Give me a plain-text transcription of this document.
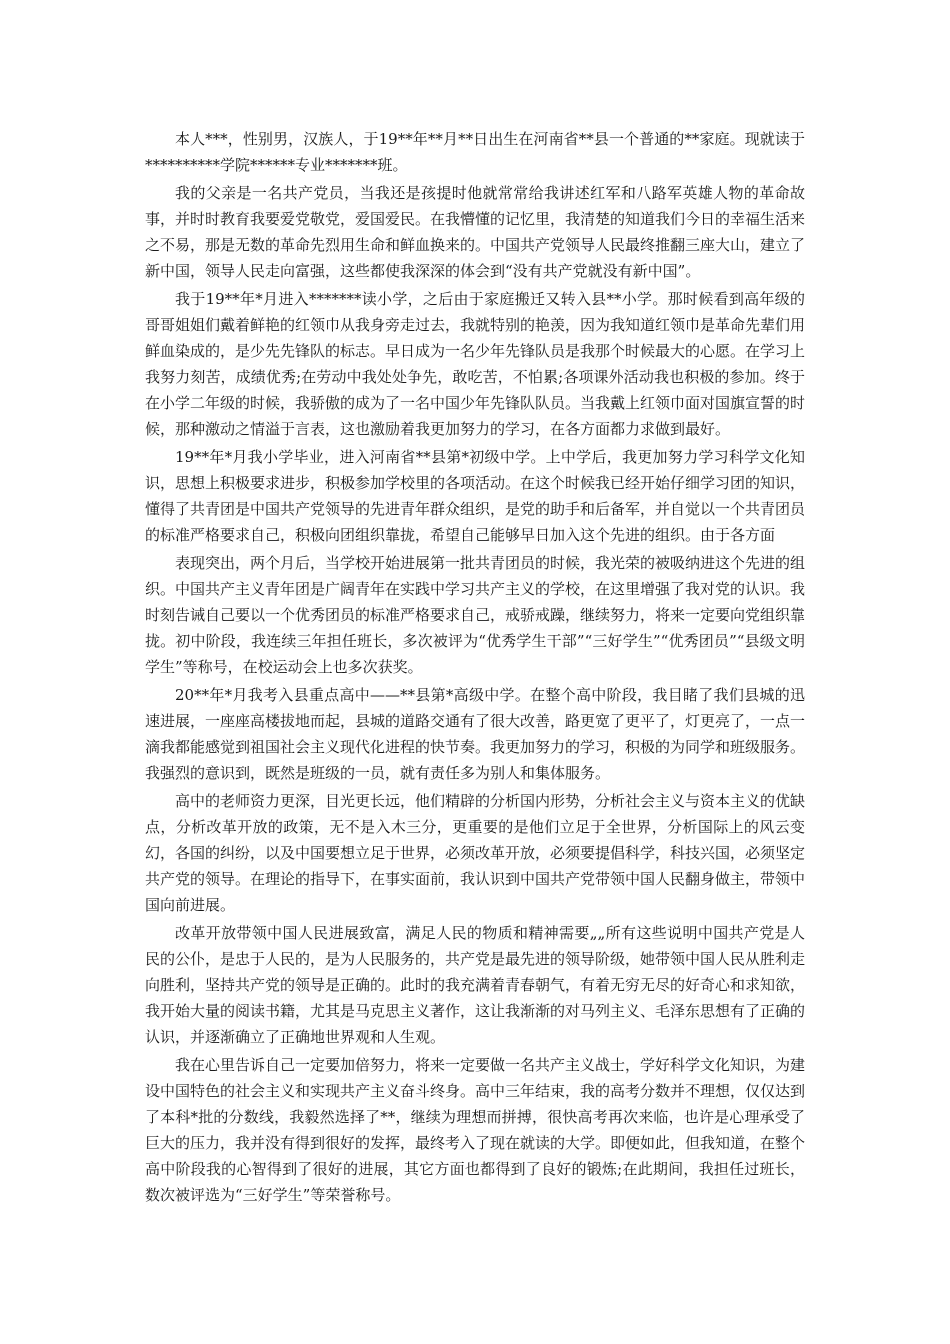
本人***，性别男，汉族人，于19**年**月**日出生在河南省**县一个普通的**家庭。现就读于**********学院******专业*******班。

我的父亲是一名共产党员，当我还是孩提时他就常常给我讲述红军和八路军英雄人物的革命故事，并时时教育我要爱党敬党，爱国爱民。在我懵懂的记忆里，我清楚的知道我们今日的幸福生活来之不易，那是无数的革命先烈用生命和鲜血换来的。中国共产党领导人民最终推翻三座大山，建立了新中国，领导人民走向富强，这些都使我深深的体会到“没有共产党就没有新中国”。

我于19**年*月进入*******读小学，之后由于家庭搬迁又转入县**小学。那时候看到高年级的哥哥姐姐们戴着鲜艳的红领巾从我身旁走过去，我就特别的艳羡，因为我知道红领巾是革命先辈们用鲜血染成的，是少先先锋队的标志。早日成为一名少年先锋队员是我那个时候最大的心愿。在学习上我努力刻苦，成绩优秀;在劳动中我处处争先，敢吃苦，不怕累;各项课外活动我也积极的参加。终于在小学二年级的时候，我骄傲的成为了一名中国少年先锋队队员。当我戴上红领巾面对国旗宣誓的时候，那种激动之情溢于言表，这也激励着我更加努力的学习，在各方面都力求做到最好。

19**年*月我小学毕业，进入河南省**县第*初级中学。上中学后，我更加努力学习科学文化知识，思想上积极要求进步，积极参加学校里的各项活动。在这个时候我已经开始仔细学习团的知识，懂得了共青团是中国共产党领导的先进青年群众组织，是党的助手和后备军，并自觉以一个共青团员的标准严格要求自己，积极向团组织靠拢，希望自己能够早日加入这个先进的组织。由于各方面

表现突出，两个月后，当学校开始进展第一批共青团员的时候，我光荣的被吸纳进这个先进的组织。中国共产主义青年团是广阔青年在实践中学习共产主义的学校，在这里增强了我对党的认识。我时刻告诫自己要以一个优秀团员的标准严格要求自己，戒骄戒躁，继续努力，将来一定要向党组织靠拢。初中阶段，我连续三年担任班长，多次被评为“优秀学生干部”“三好学生”“优秀团员”“县级文明学生”等称号，在校运动会上也多次获奖。

20**年*月我考入县重点高中——**县第*高级中学。在整个高中阶段，我目睹了我们县城的迅速进展，一座座高楼拔地而起，县城的道路交通有了很大改善，路更宽了更平了，灯更亮了，一点一滴我都能感觉到祖国社会主义现代化进程的快节奏。我更加努力的学习，积极的为同学和班级服务。我强烈的意识到，既然是班级的一员，就有责任多为别人和集体服务。

高中的老师资力更深，目光更长远，他们精辟的分析国内形势，分析社会主义与资本主义的优缺点，分析改革开放的政策，无不是入木三分，更重要的是他们立足于全世界，分析国际上的风云变幻，各国的纠纷，以及中国要想立足于世界，必须改革开放，必须要提倡科学，科技兴国，必须坚定共产党的领导。在理论的指导下，在事实面前，我认识到中国共产党带领中国人民翻身做主，带领中国向前进展。

改革开放带领中国人民进展致富，满足人民的物质和精神需要„„所有这些说明中国共产党是人民的公仆，是忠于人民的，是为人民服务的，共产党是最先进的领导阶级，她带领中国人民从胜利走向胜利，坚持共产党的领导是正确的。此时的我充满着青春朝气，有着无穷无尽的好奇心和求知欲，我开始大量的阅读书籍，尤其是马克思主义著作，这让我渐渐的对马列主义、毛泽东思想有了正确的认识，并逐渐确立了正确地世界观和人生观。

我在心里告诉自己一定要加倍努力，将来一定要做一名共产主义战士，学好科学文化知识，为建设中国特色的社会主义和实现共产主义奋斗终身。高中三年结束，我的高考分数并不理想，仅仅达到了本科*批的分数线，我毅然选择了**，继续为理想而拼搏，很快高考再次来临，也许是心理承受了巨大的压力，我并没有得到很好的发挥，最终考入了现在就读的大学。即便如此，但我知道，在整个高中阶段我的心智得到了很好的进展，其它方面也都得到了良好的锻炼;在此期间，我担任过班长，数次被评选为“三好学生”等荣誉称号。
